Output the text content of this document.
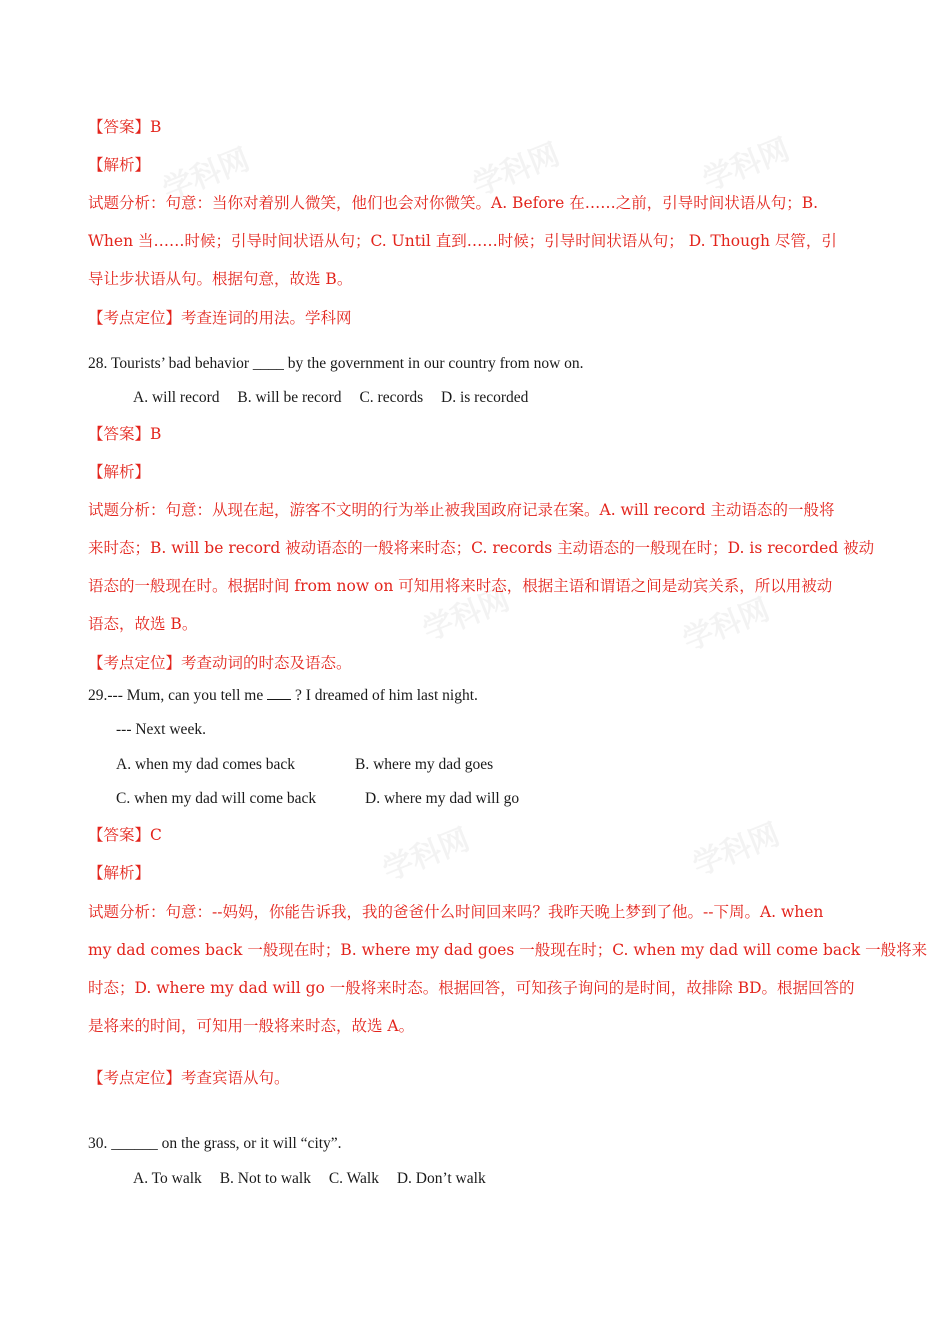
学科网	学科网	学科网
学科网	学科网
学科网	学科网
【答案】B
【解析】
试题分析：句意：当你对着别人微笑，他们也会对你微笑。A. Before 在……之前，引导时间状语从句；B.
When 当……时候；引导时间状语从句；C. Until 直到……时候；引导时间状语从句； D. Though 尽管，引
导让步状语从句。根据句意，故选 B。
【考点定位】考查连词的用法。学科网
28. Tourists’ bad behavior ____ by the government in our country from now on.
A. will record B. will be record C. records D. is recorded
【答案】B
【解析】
试题分析：句意：从现在起，游客不文明的行为举止被我国政府记录在案。A. will record 主动语态的一般将
来时态；B. will be record 被动语态的一般将来时态；C. records 主动语态的一般现在时；D. is recorded 被动
语态的一般现在时。根据时间 from now on 可知用将来时态，根据主语和谓语之间是动宾关系，所以用被动
语态，故选 B。
【考点定位】考查动词的时态及语态。
29.--- Mum, can you tell me  ? I dreamed of him last night.
--- Next week.
A. when my dad comes back	B. where my dad goes
C. when my dad will come back	D. where my dad will go
【答案】C
【解析】
试题分析：句意：--妈妈，你能告诉我，我的爸爸什么时间回来吗？我昨天晚上梦到了他。--下周。A. when
my dad comes back 一般现在时；B. where my dad goes 一般现在时；C. when my dad will come back 一般将来
时态；D. where my dad will go 一般将来时态。根据回答，可知孩子询问的是时间，故排除 BD。根据回答的
是将来的时间，可知用一般将来时态，故选 A。
【考点定位】考查宾语从句。
30. ______ on the grass, or it will “city”.
A. To walk B. Not to walk C. Walk D. Don’t walk
